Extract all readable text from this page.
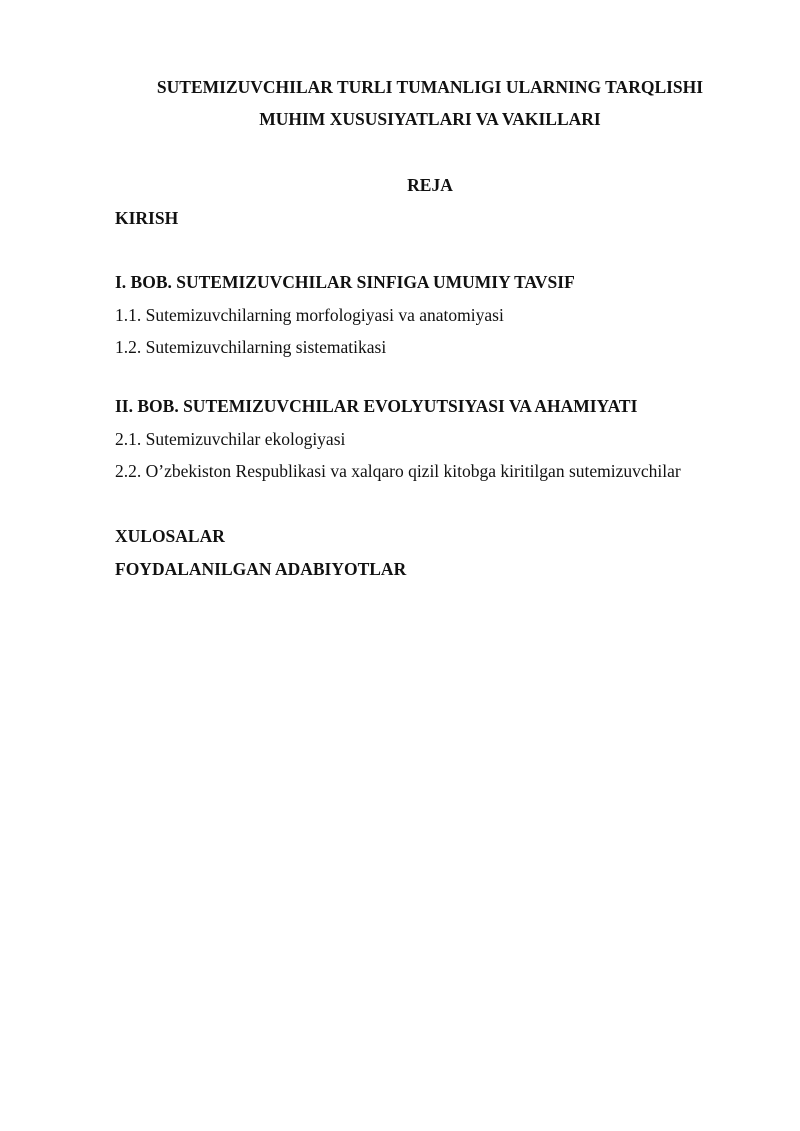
SUTEMIZUVCHILAR TURLI TUMANLIGI ULARNING TARQLISHI
MUHIM XUSUSIYATLARI VA VAKILLARI
REJA
KIRISH
I. BOB. SUTEMIZUVCHILAR SINFIGA UMUMIY TAVSIF
1.1. Sutemizuvchilarning morfologiyasi va anatomiyasi
1.2. Sutemizuvchilarning sistematikasi
II. BOB. SUTEMIZUVCHILAR EVOLYUTSIYASI VA AHAMIYATI
2.1. Sutemizuvchilar ekologiyasi
2.2. O’zbekiston Respublikasi va xalqaro qizil kitobga kiritilgan sutemizuvchilar
XULOSALAR
FOYDALANILGAN ADABIYOTLAR
